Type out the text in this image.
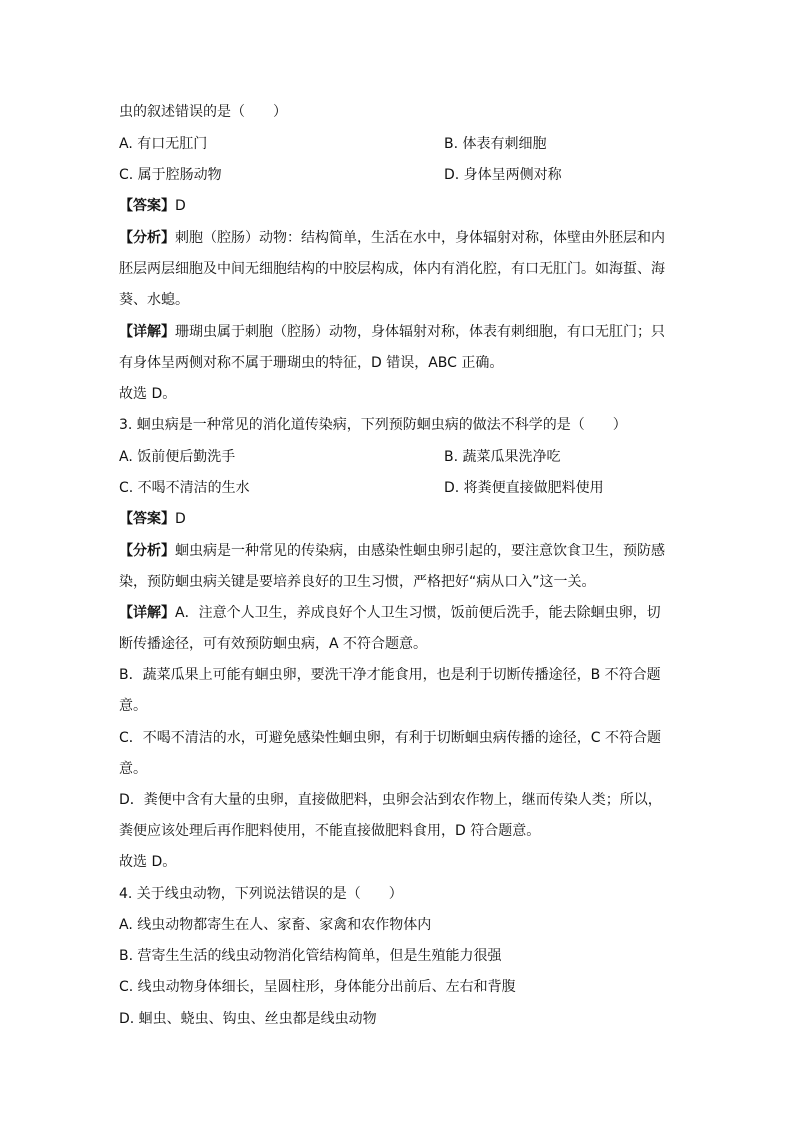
虫的叙述错误的是（　　）
A. 有口无肛门	B. 体表有刺细胞
C. 属于腔肠动物	D. 身体呈两侧对称
【答案】D
【分析】刺胞（腔肠）动物：结构简单，生活在水中，身体辐射对称，体壁由外胚层和内
胚层两层细胞及中间无细胞结构的中胶层构成，体内有消化腔，有口无肛门。如海蜇、海
葵、水螅。
【详解】珊瑚虫属于刺胞（腔肠）动物，身体辐射对称，体表有刺细胞，有口无肛门；只
有身体呈两侧对称不属于珊瑚虫的特征，D 错误，ABC 正确。
故选 D。
3. 蛔虫病是一种常见的消化道传染病，下列预防蛔虫病的做法不科学的是（　　）
A. 饭前便后勤洗手	B. 蔬菜瓜果洗净吃
C. 不喝不清洁的生水	D. 将粪便直接做肥料使用
【答案】D
【分析】蛔虫病是一种常见的传染病，由感染性蛔虫卵引起的，要注意饮食卫生，预防感
染，预防蛔虫病关键是要培养良好的卫生习惯，严格把好“病从口入”这一关。
【详解】A．注意个人卫生，养成良好个人卫生习惯，饭前便后洗手，能去除蛔虫卵，切
断传播途径，可有效预防蛔虫病，A 不符合题意。
B．蔬菜瓜果上可能有蛔虫卵，要洗干净才能食用，也是利于切断传播途径，B 不符合题
意。
C．不喝不清洁的水，可避免感染性蛔虫卵，有利于切断蛔虫病传播的途径，C 不符合题
意。
D．粪便中含有大量的虫卵，直接做肥料，虫卵会沾到农作物上，继而传染人类；所以，
粪便应该处理后再作肥料使用，不能直接做肥料食用，D 符合题意。
故选 D。
4. 关于线虫动物，下列说法错误的是（　　）
A. 线虫动物都寄生在人、家畜、家禽和农作物体内
B. 营寄生生活的线虫动物消化管结构简单，但是生殖能力很强
C. 线虫动物身体细长，呈圆柱形，身体能分出前后、左右和背腹
D. 蛔虫、蛲虫、钩虫、丝虫都是线虫动物
